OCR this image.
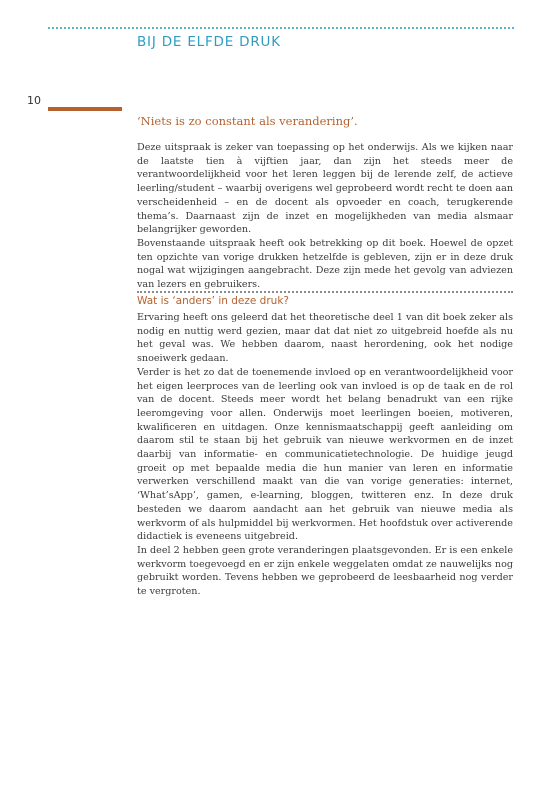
BIJ DE ELFDE DRUK
10
‘Niets is zo constant als verandering’.

Deze uitspraak is zeker van toepassing op het onderwijs. Als we kijken naar de laatste tien à vijftien jaar, dan zijn het steeds meer de verantwoordelijkheid voor het leren leggen bij de lerende zelf, de actieve leerling/student – waarbij overigens wel geprobeerd wordt recht te doen aan verscheidenheid – en de docent als opvoeder en coach, terugkerende thema’s. Daarnaast zijn de inzet en mogelijkheden van media alsmaar belangrijker geworden.

Bovenstaande uitspraak heeft ook betrekking op dit boek. Hoewel de opzet ten opzichte van vorige drukken hetzelfde is gebleven, zijn er in deze druk nogal wat wijzigingen aangebracht. Deze zijn mede het gevolg van adviezen van lezers en gebruikers.

Wat is ‘anders’ in deze druk?

Ervaring heeft ons geleerd dat het theoretische deel 1 van dit boek zeker als nodig en nuttig werd gezien, maar dat dat niet zo uitgebreid hoefde als nu het geval was. We hebben daarom, naast herordening, ook het nodige snoeiwerk gedaan.

Verder is het zo dat de toenemende invloed op en verantwoordelijkheid voor het eigen leerproces van de leerling ook van invloed is op de taak en de rol van de docent. Steeds meer wordt het belang benadrukt van een rijke leeromgeving voor allen. Onderwijs moet leerlingen boeien, motiveren, kwalificeren en uitdagen. Onze kennismaatschappij geeft aanleiding om daarom stil te staan bij het gebruik van nieuwe werkvormen en de inzet daarbij van informatie- en communicatietechnologie. De huidige jeugd groeit op met bepaalde media die hun manier van leren en informatie verwerken verschillend maakt van die van vorige generaties: internet, ‘What’sApp’, gamen, e-learning, bloggen, twitteren enz. In deze druk besteden we daarom aandacht aan het gebruik van nieuwe media als werkvorm of als hulpmiddel bij werkvormen. Het hoofdstuk over activerende didactiek is eveneens uitgebreid.

In deel 2 hebben geen grote veranderingen plaatsgevonden. Er is een enkele werkvorm toegevoegd en er zijn enkele weggelaten omdat ze nauwelijks nog gebruikt worden. Tevens hebben we geprobeerd de leesbaarheid nog verder te vergroten.
